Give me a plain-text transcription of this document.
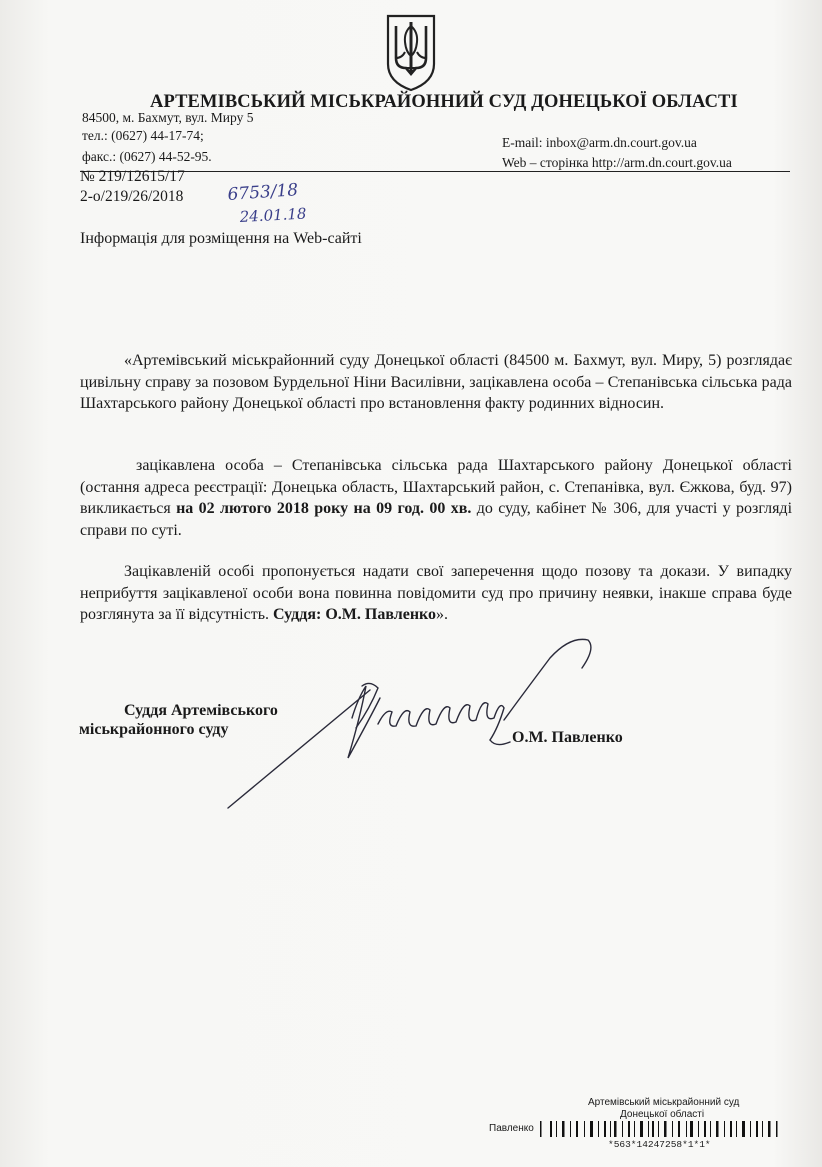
АРТЕМІВСЬКИЙ МІСЬКРАЙОННИЙ СУД ДОНЕЦЬКОЇ ОБЛАСТІ
84500, м. Бахмут, вул. Миру 5
тел.: (0627) 44-17-74;
факс.: (0627) 44-52-95.
E-mail: inbox@arm.dn.court.gov.ua
Web – сторінка http://arm.dn.court.gov.ua
№ 219/12615/17
2-о/219/26/2018	6753/18
24.01.18
Інформація для розміщення на Web-сайті
«Артемівський міськрайонний суду Донецької області (84500 м. Бахмут, вул. Миру, 5) розглядає цивільну справу за позовом Бурдельної Ніни Василівни, зацікавлена особа – Степанівська сільська рада Шахтарського району Донецької області про встановлення факту родинних відносин.
зацікавлена особа – Степанівська сільська рада Шахтарського району Донецької області (остання адреса реєстрації: Донецька область, Шахтарський район, с. Степанівка, вул. Єжкова, буд. 97) викликається на 02 лютого 2018 року на 09 год. 00 хв. до суду, кабінет № 306, для участі у розгляді справи по суті.
Зацікавленій особі пропонується надати свої заперечення щодо позову та докази. У випадку неприбуття зацікавленої особи вона повинна повідомити суд про причину неявки, інакше справа буде розглянута за її відсутність. Суддя: О.М. Павленко».
Суддя Артемівського
міськрайонного суду	О.М. Павленко
Артемівський міськрайонний суд
Донецької області
Павленко
*563*14247258*1*1*
